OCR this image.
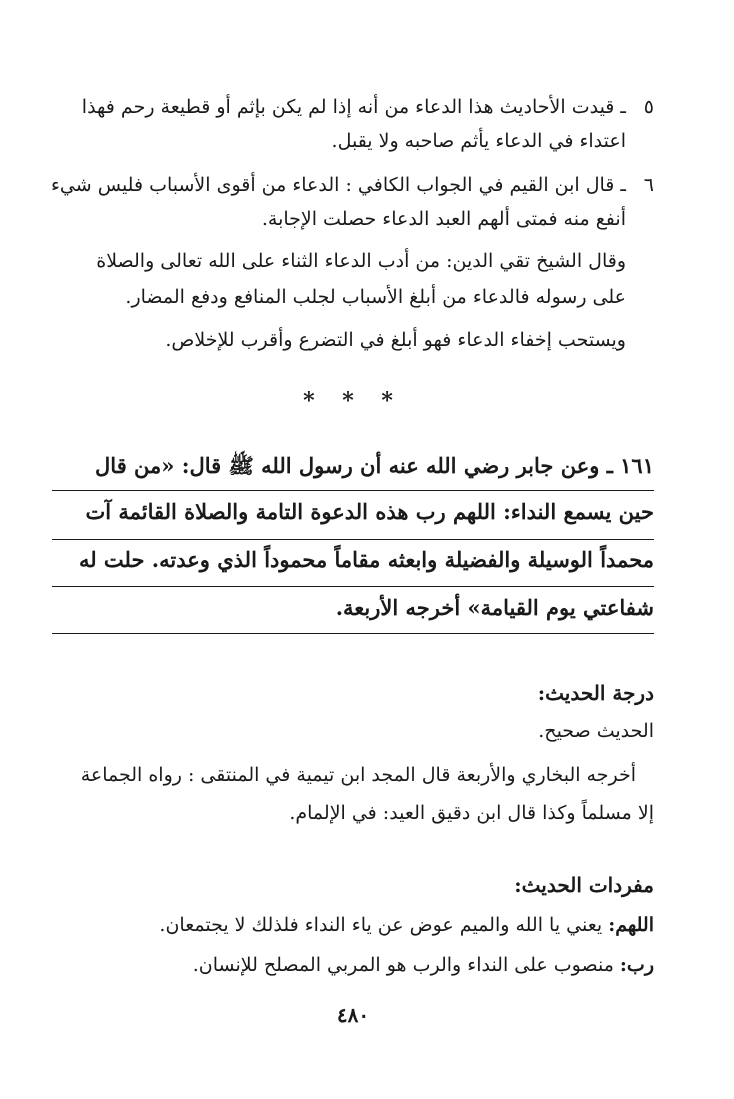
٥ـ قيدت الأحاديث هذا الدعاء من أنه إذا لم يكن بإثم أو قطيعة رحم فهذا
اعتداء في الدعاء يأثم صاحبه ولا يقبل.
٦ـ قال ابن القيم في الجواب الكافي : الدعاء من أقوى الأسباب فليس شيء
أنفع منه فمتى ألهم العبد الدعاء حصلت الإجابة.
وقال الشيخ تقي الدين: من أدب الدعاء الثناء على الله تعالى والصلاة
على رسوله فالدعاء من أبلغ الأسباب لجلب المنافع ودفع المضار.
ويستحب إخفاء الدعاء فهو أبلغ في التضرع وأقرب للإخلاص.
* * *
١٦١ ـ وعن جابر رضي الله عنه أن رسول الله ﷺ قال: «من قال
حين يسمع النداء: اللهم رب هذه الدعوة التامة والصلاة القائمة آت
محمداً الوسيلة والفضيلة وابعثه مقاماً محموداً الذي وعدته. حلت له
شفاعتي يوم القيامة» أخرجه الأربعة.
درجة الحديث:
الحديث صحيح.
أخرجه البخاري والأربعة قال المجد ابن تيمية في المنتقى : رواه الجماعة
إلا مسلماً وكذا قال ابن دقيق العيد: في الإلمام.
مفردات الحديث:
اللهم: يعني يا الله والميم عوض عن ياء النداء فلذلك لا يجتمعان.
رب: منصوب على النداء والرب هو المربي المصلح للإنسان.
٤٨٠
